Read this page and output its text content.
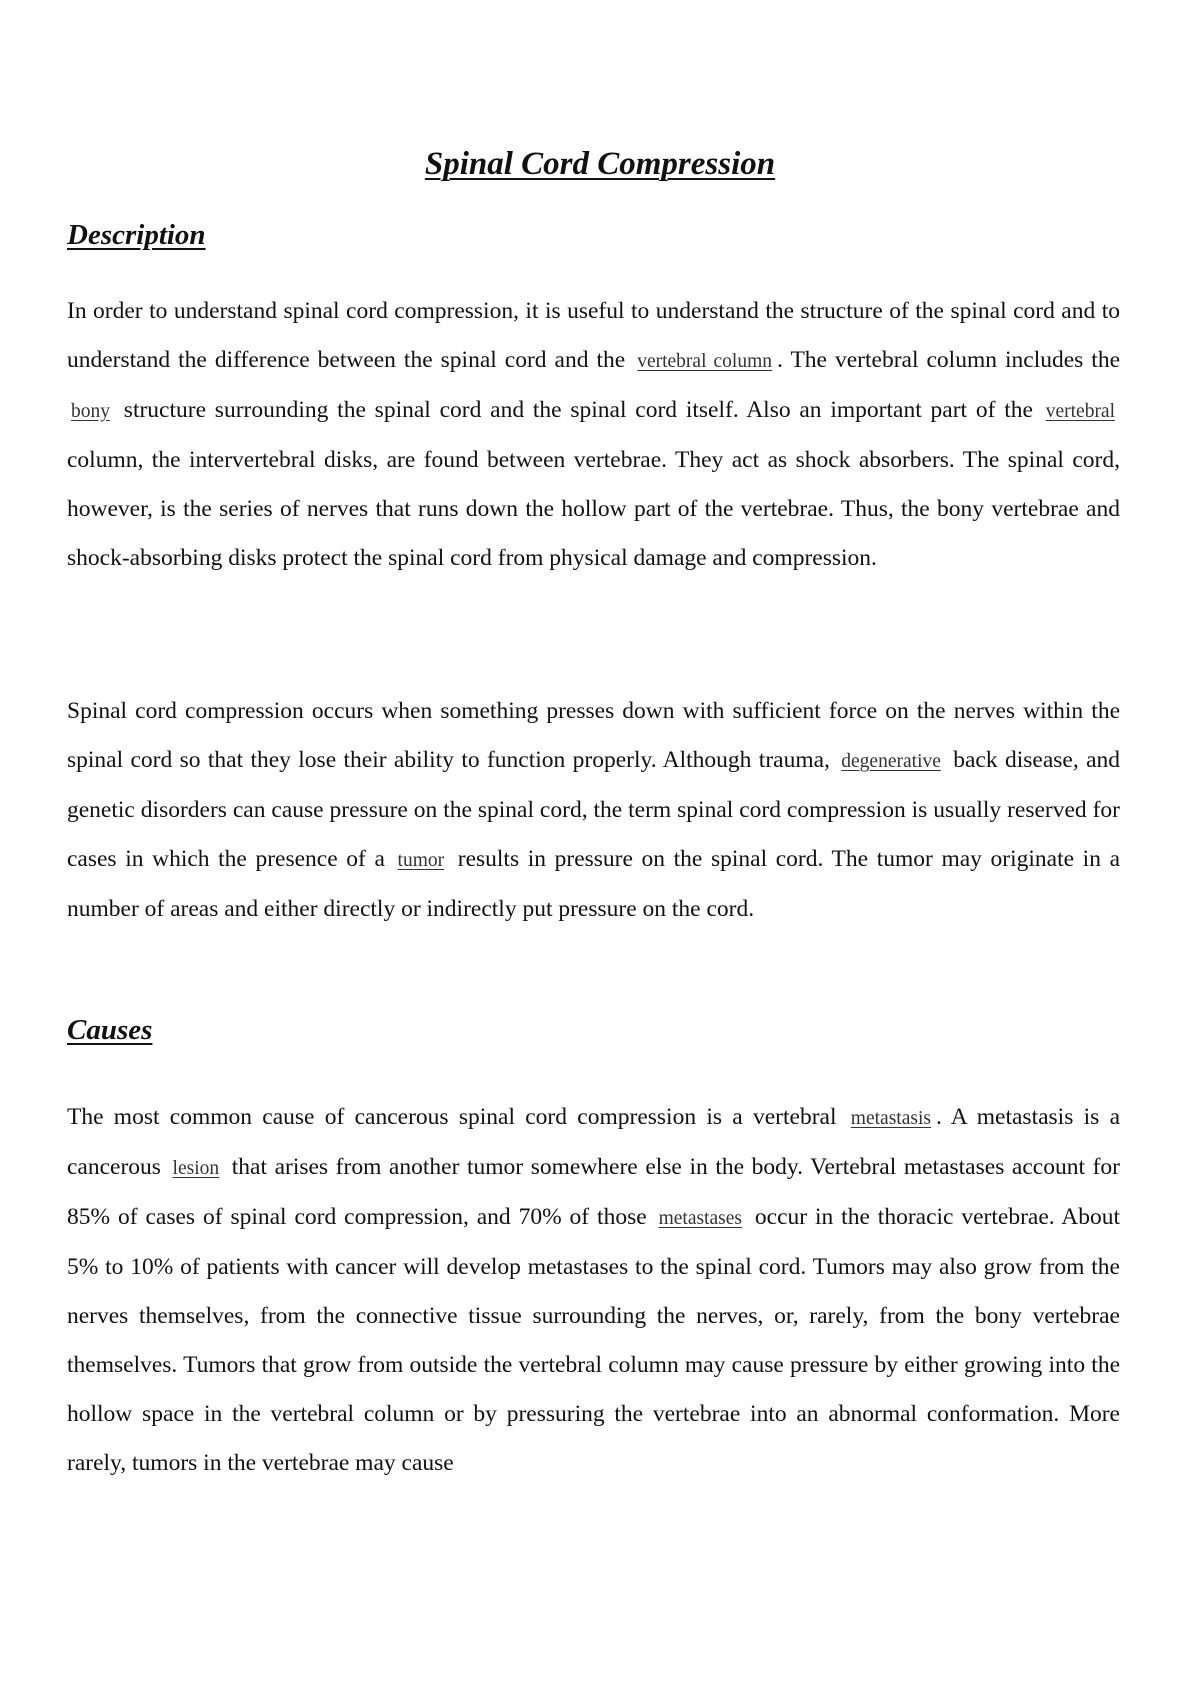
Spinal Cord Compression
Description

In order to understand spinal cord compression, it is useful to understand the structure of the spinal cord and to understand the difference between the spinal cord and the vertebral column . The vertebral column includes the bony structure surrounding the spinal cord and the spinal cord itself. Also an important part of the vertebral column, the intervertebral disks, are found between vertebrae. They act as shock absorbers. The spinal cord, however, is the series of nerves that runs down the hollow part of the vertebrae. Thus, the bony vertebrae and shock-absorbing disks protect the spinal cord from physical damage and compression.

Spinal cord compression occurs when something presses down with sufficient force on the nerves within the spinal cord so that they lose their ability to function properly. Although trauma, degenerative back disease, and genetic disorders can cause pressure on the spinal cord, the term spinal cord compression is usually reserved for cases in which the presence of a tumor results in pressure on the spinal cord. The tumor may originate in a number of areas and either directly or indirectly put pressure on the cord.

Causes

The most common cause of cancerous spinal cord compression is a vertebral metastasis . A metastasis is a cancerous lesion that arises from another tumor somewhere else in the body. Vertebral metastases account for 85% of cases of spinal cord compression, and 70% of those metastases occur in the thoracic vertebrae. About 5% to 10% of patients with cancer will develop metastases to the spinal cord. Tumors may also grow from the nerves themselves, from the connective tissue surrounding the nerves, or, rarely, from the bony vertebrae themselves. Tumors that grow from outside the vertebral column may cause pressure by either growing into the hollow space in the vertebral column or by pressuring the vertebrae into an abnormal conformation. More rarely, tumors in the vertebrae may cause
